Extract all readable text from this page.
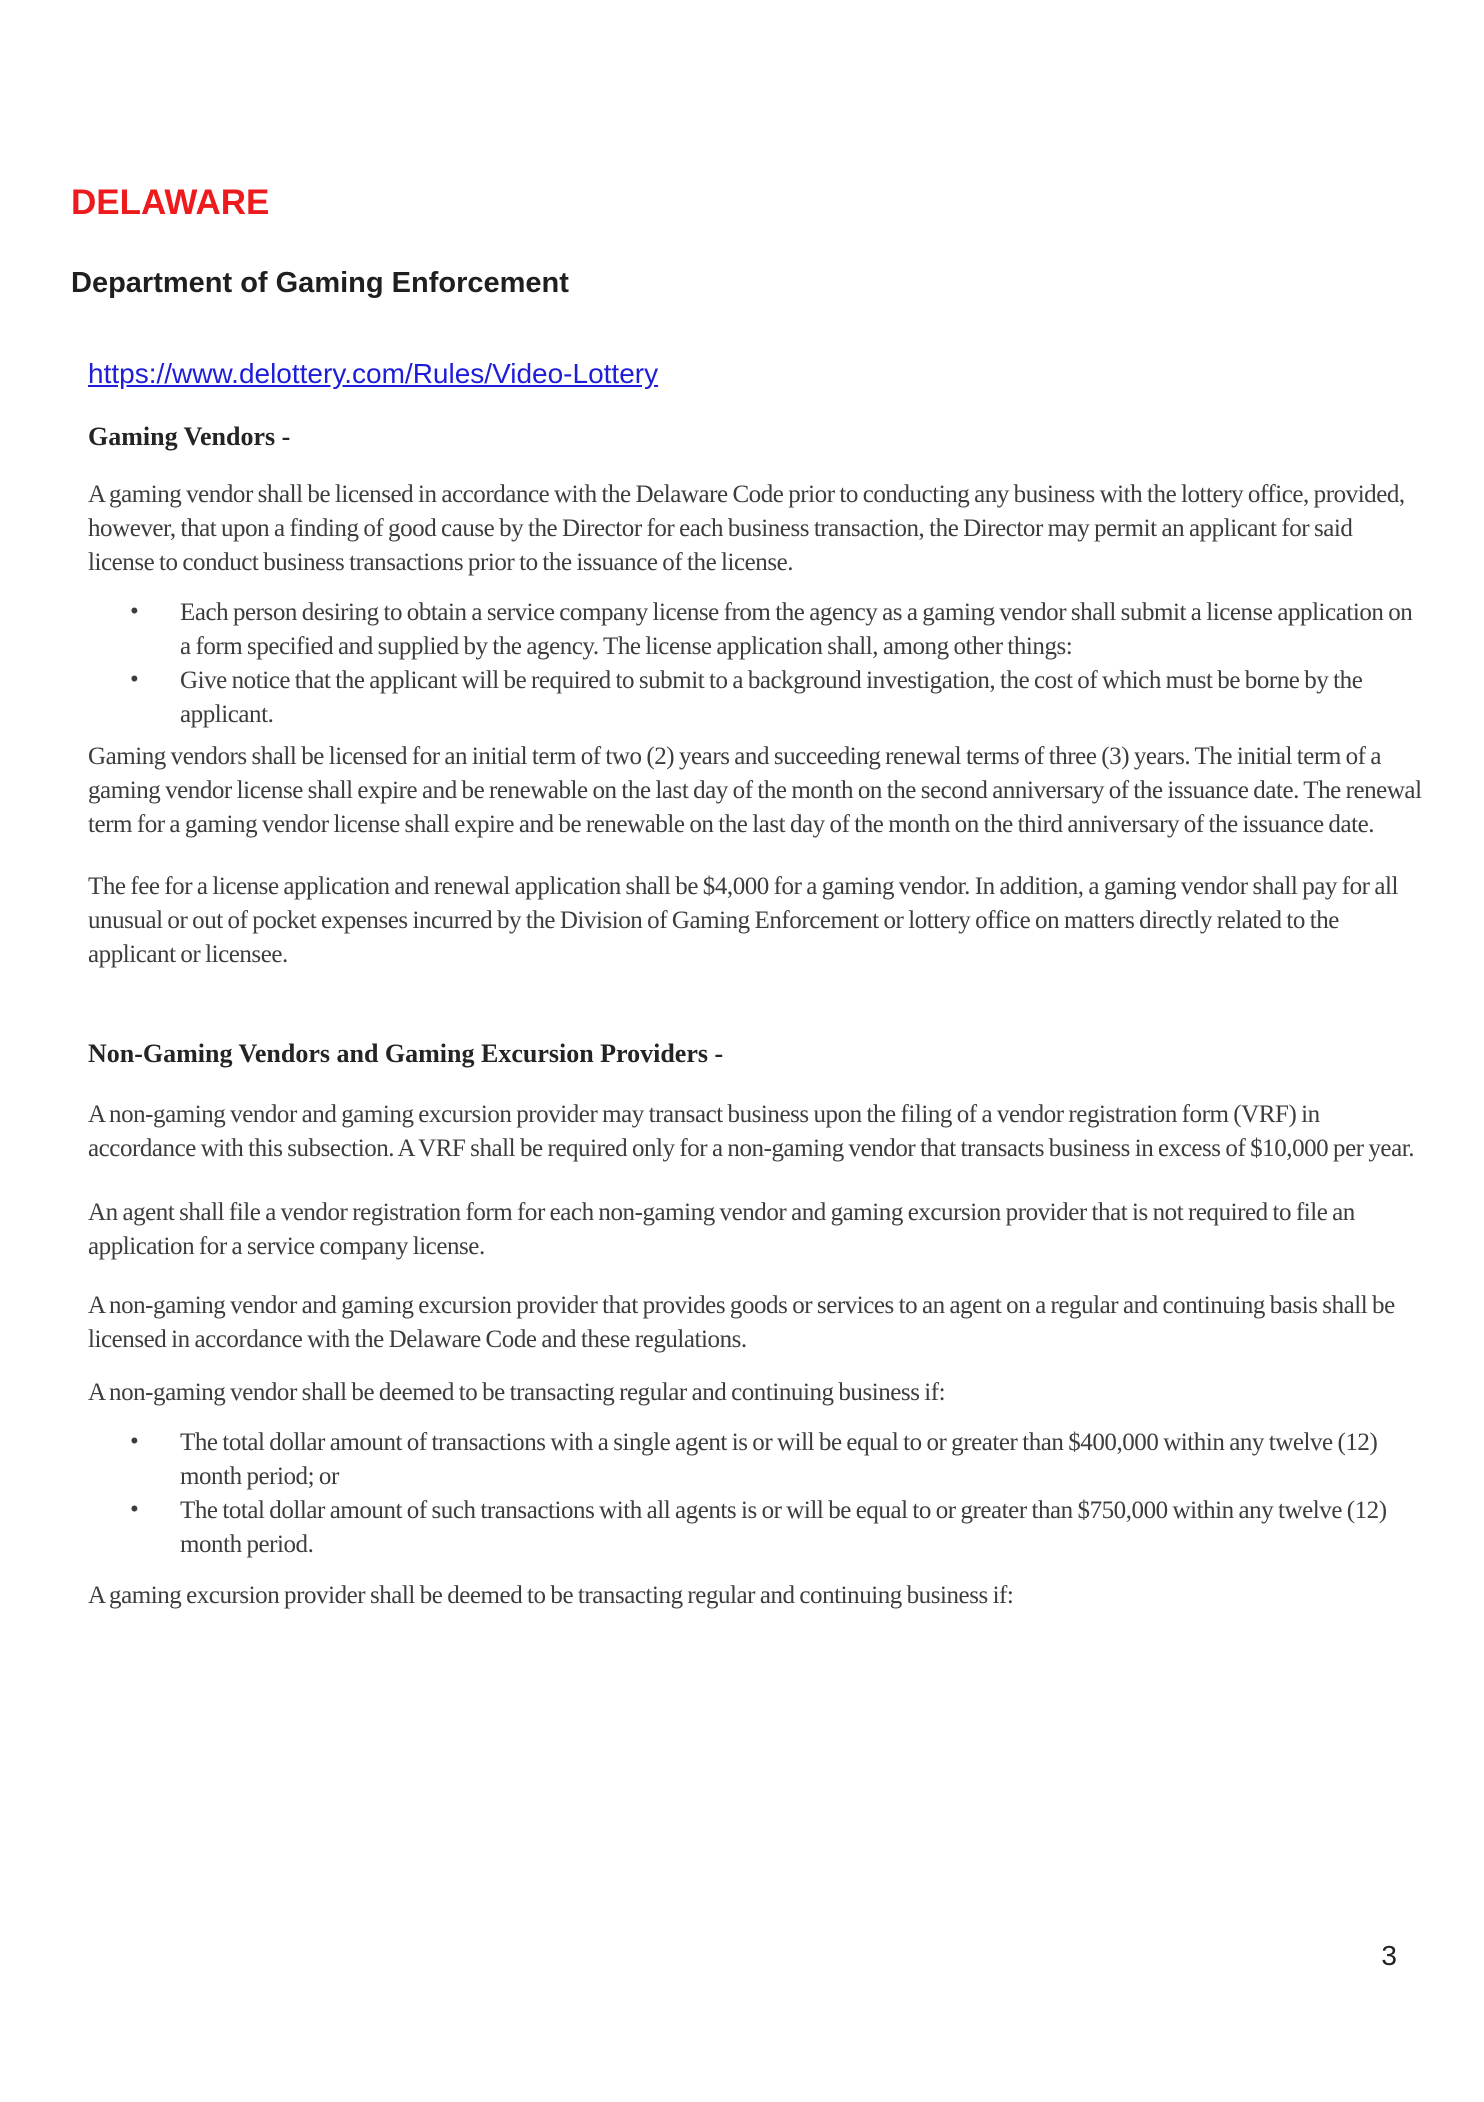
DELAWARE
Department of Gaming Enforcement

https://www.delottery.com/Rules/Video-Lottery

Gaming Vendors -

A gaming vendor shall be licensed in accordance with the Delaware Code prior to conducting any business with the lottery office, provided, however, that upon a finding of good cause by the Director for each business transaction, the Director may permit an applicant for said license to conduct business transactions prior to the issuance of the license.

• Each person desiring to obtain a service company license from the agency as a gaming vendor shall submit a license application on a form specified and supplied by the agency. The license application shall, among other things:
• Give notice that the applicant will be required to submit to a background investigation, the cost of which must be borne by the applicant.

Gaming vendors shall be licensed for an initial term of two (2) years and succeeding renewal terms of three (3) years. The initial term of a gaming vendor license shall expire and be renewable on the last day of the month on the second anniversary of the issuance date. The renewal term for a gaming vendor license shall expire and be renewable on the last day of the month on the third anniversary of the issuance date.

The fee for a license application and renewal application shall be $4,000 for a gaming vendor. In addition, a gaming vendor shall pay for all unusual or out of pocket expenses incurred by the Division of Gaming Enforcement or lottery office on matters directly related to the applicant or licensee.

Non-Gaming Vendors and Gaming Excursion Providers -

A non-gaming vendor and gaming excursion provider may transact business upon the filing of a vendor registration form (VRF) in accordance with this subsection. A VRF shall be required only for a non-gaming vendor that transacts business in excess of $10,000 per year.

An agent shall file a vendor registration form for each non-gaming vendor and gaming excursion provider that is not required to file an application for a service company license.

A non-gaming vendor and gaming excursion provider that provides goods or services to an agent on a regular and continuing basis shall be licensed in accordance with the Delaware Code and these regulations.

A non-gaming vendor shall be deemed to be transacting regular and continuing business if:

• The total dollar amount of transactions with a single agent is or will be equal to or greater than $400,000 within any twelve (12) month period; or
• The total dollar amount of such transactions with all agents is or will be equal to or greater than $750,000 within any twelve (12) month period.

A gaming excursion provider shall be deemed to be transacting regular and continuing business if:

3
